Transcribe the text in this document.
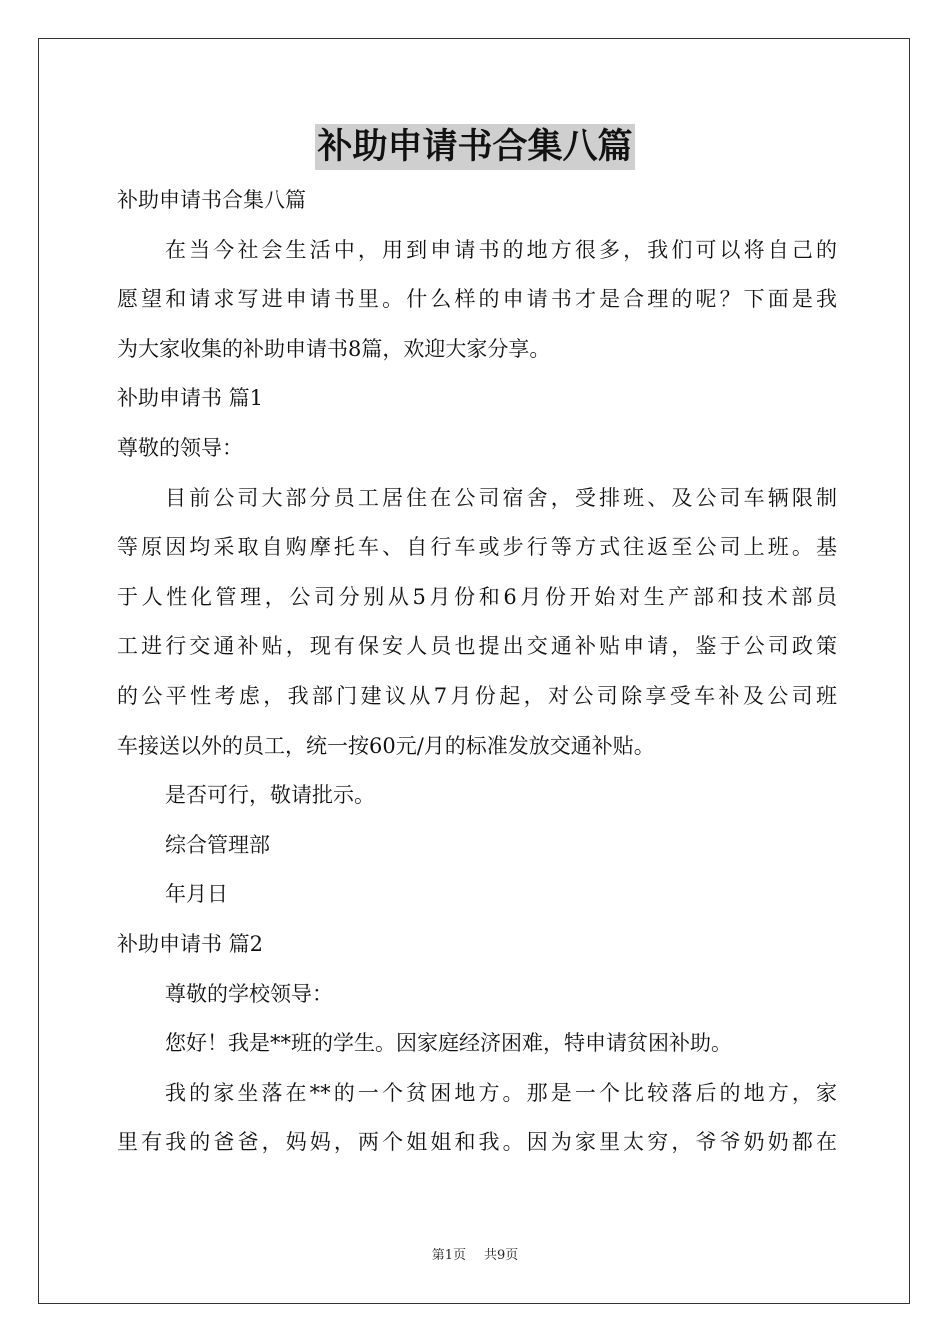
补助申请书合集八篇
补助申请书合集八篇
在当今社会生活中，用到申请书的地方很多，我们可以将自己的
愿望和请求写进申请书里。什么样的申请书才是合理的呢？下面是我
为大家收集的补助申请书8篇，欢迎大家分享。
补助申请书 篇1
尊敬的领导：
目前公司大部分员工居住在公司宿舍，受排班、及公司车辆限制
等原因均采取自购摩托车、自行车或步行等方式往返至公司上班。基
于人性化管理，公司分别从5月份和6月份开始对生产部和技术部员
工进行交通补贴，现有保安人员也提出交通补贴申请，鉴于公司政策
的公平性考虑，我部门建议从7月份起，对公司除享受车补及公司班
车接送以外的员工，统一按60元/月的标准发放交通补贴。
是否可行，敬请批示。
综合管理部
年月日
补助申请书 篇2
尊敬的学校领导：
您好！我是**班的学生。因家庭经济困难，特申请贫困补助。
我的家坐落在**的一个贫困地方。那是一个比较落后的地方，家
里有我的爸爸，妈妈，两个姐姐和我。因为家里太穷，爷爷奶奶都在
第1页 共9页
